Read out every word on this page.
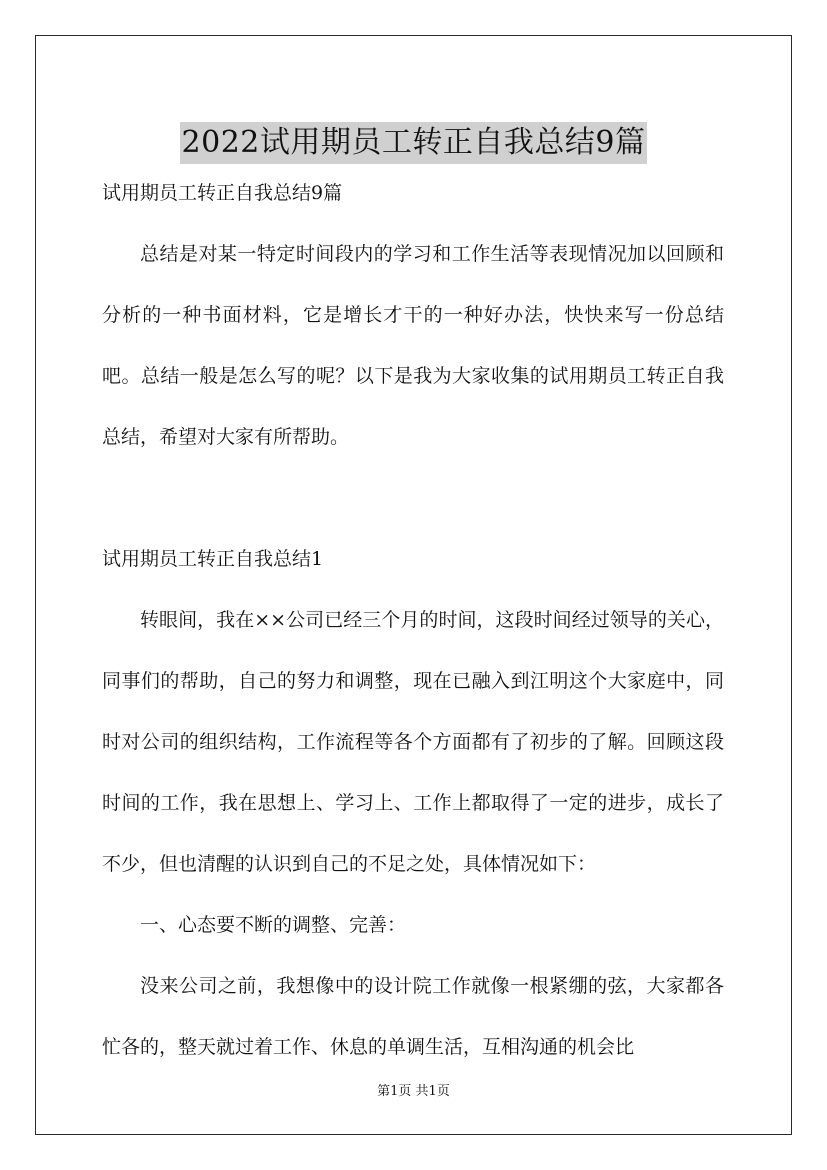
2022试用期员工转正自我总结9篇

试用期员工转正自我总结9篇

总结是对某一特定时间段内的学习和工作生活等表现情况加以回顾和分析的一种书面材料，它是增长才干的一种好办法，快快来写一份总结吧。总结一般是怎么写的呢？以下是我为大家收集的试用期员工转正自我总结，希望对大家有所帮助。

试用期员工转正自我总结1

转眼间，我在××公司已经三个月的时间，这段时间经过领导的关心，同事们的帮助，自己的努力和调整，现在已融入到江明这个大家庭中，同时对公司的组织结构，工作流程等各个方面都有了初步的了解。回顾这段时间的工作，我在思想上、学习上、工作上都取得了一定的进步，成长了不少，但也清醒的认识到自己的不足之处，具体情况如下：

一、心态要不断的调整、完善：

没来公司之前，我想像中的设计院工作就像一根紧绷的弦，大家都各忙各的，整天就过着工作、休息的单调生活，互相沟通的机会比

第1页 共1页
